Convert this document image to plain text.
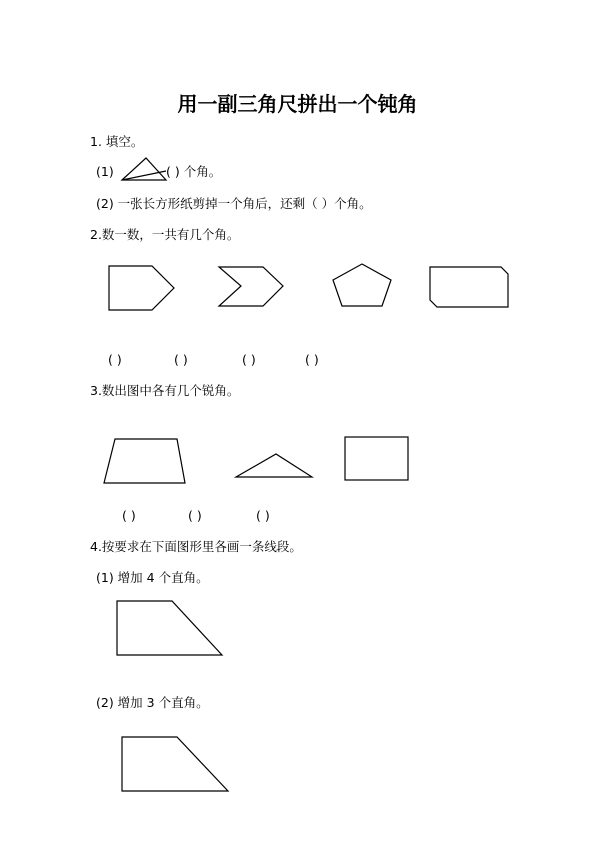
用一副三角尺拼出一个钝角
1. 填空。
(1)	( ) 个角。
(2) 一张长方形纸剪掉一个角后，还剩（ ）个角。
2.数一数，一共有几个角。
( )	( )	( )	( )
3.数出图中各有几个锐角。
( )	( )	( )
4.按要求在下面图形里各画一条线段。
(1) 增加 4 个直角。
(2) 增加 3 个直角。
